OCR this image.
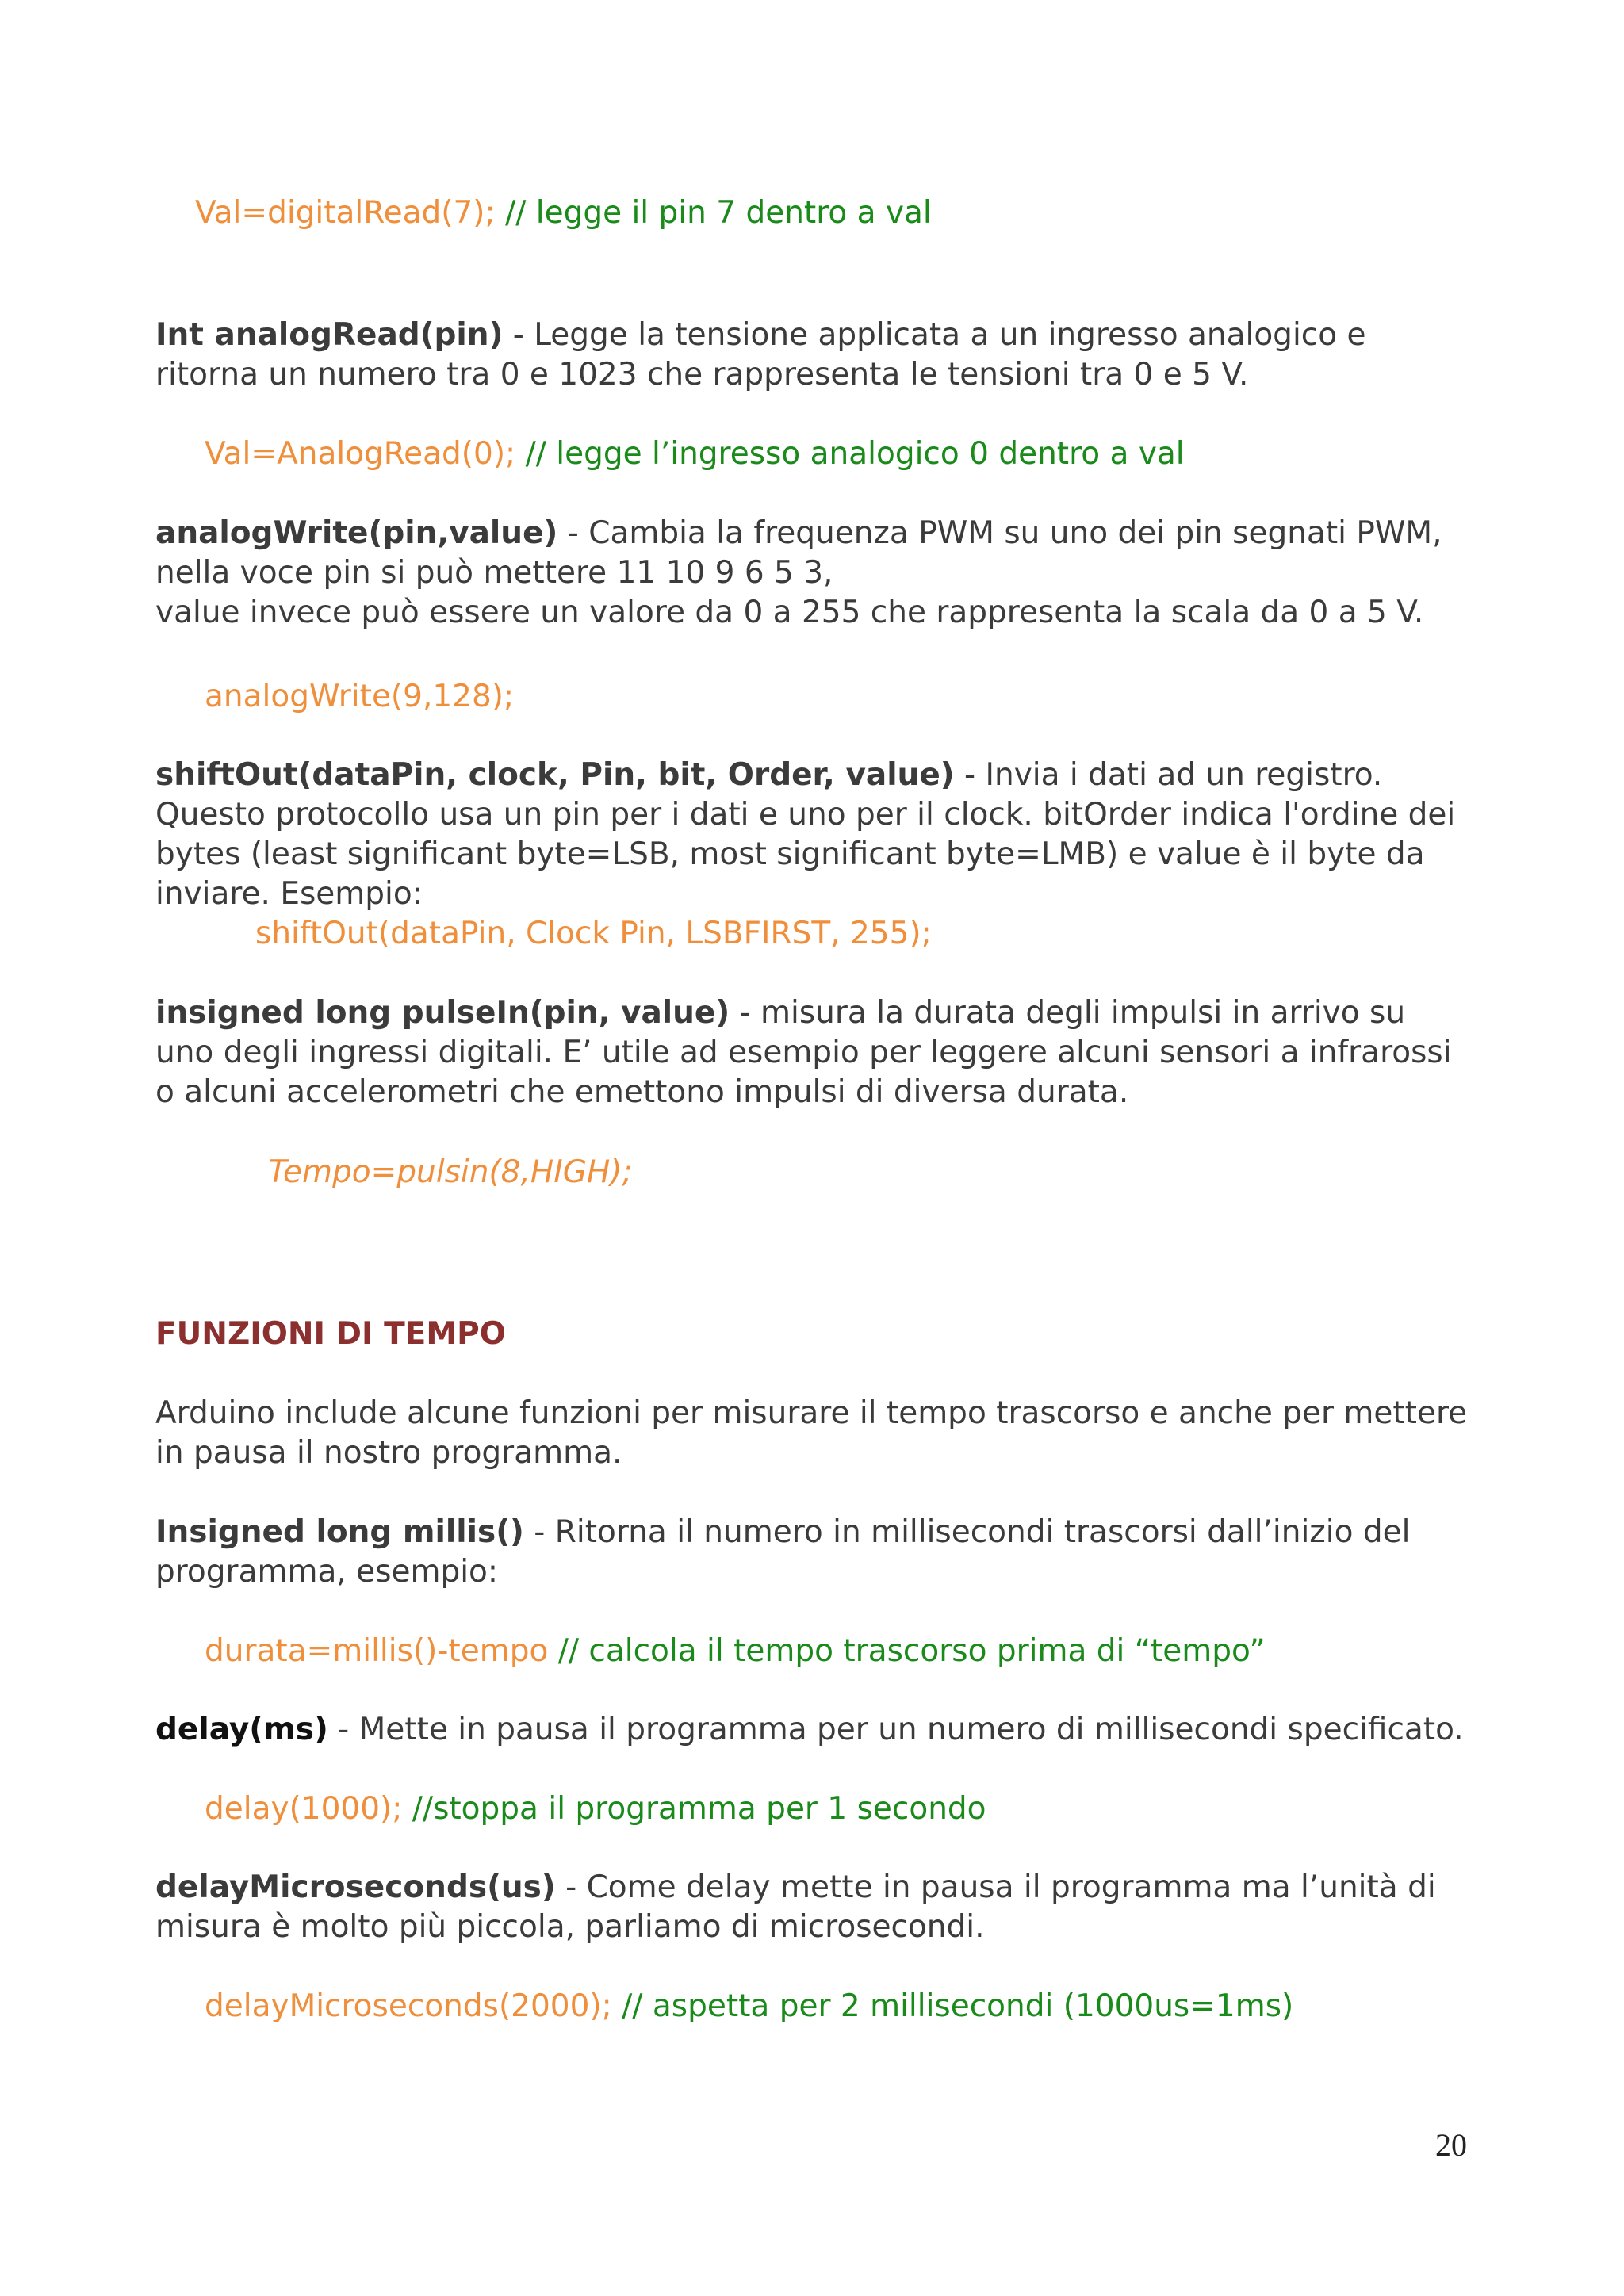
Val=digitalRead(7); // legge il pin 7 dentro a val

Int analogRead(pin) - Legge la tensione applicata a un ingresso analogico e ritorna un numero tra 0 e 1023 che rappresenta le tensioni tra 0 e 5 V.

Val=AnalogRead(0); // legge l’ingresso analogico 0 dentro a val

analogWrite(pin,value) - Cambia la frequenza PWM su uno dei pin segnati PWM, nella voce pin si può mettere 11 10 9 6 5 3,
value invece può essere un valore da 0 a 255 che rappresenta la scala da 0 a 5 V.

analogWrite(9,128);

shiftOut(dataPin, clock, Pin, bit, Order, value) - Invia i dati ad un registro. Questo protocollo usa un pin per i dati e uno per il clock. bitOrder indica l'ordine dei bytes (least significant byte=LSB, most significant byte=LMB) e value è il byte da inviare. Esempio:

shiftOut(dataPin, Clock Pin, LSBFIRST, 255);

insigned long pulseIn(pin, value) - misura la durata degli impulsi in arrivo su uno degli ingressi digitali. E’ utile ad esempio per leggere alcuni sensori a infrarossi o alcuni accelerometri che emettono impulsi di diversa durata.

Tempo=pulsin(8,HIGH);

FUNZIONI DI TEMPO

Arduino include alcune funzioni per misurare il tempo trascorso e anche per mettere in pausa il nostro programma.

Insigned long millis() - Ritorna il numero in millisecondi trascorsi dall’inizio del programma, esempio:

durata=millis()-tempo // calcola il tempo trascorso prima di “tempo”

delay(ms) - Mette in pausa il programma per un numero di millisecondi specificato.

delay(1000); //stoppa il programma per 1 secondo

delayMicroseconds(us) - Come delay mette in pausa il programma ma l’unità di misura è molto più piccola, parliamo di microsecondi.

delayMicroseconds(2000); // aspetta per 2 millisecondi (1000us=1ms)

20
